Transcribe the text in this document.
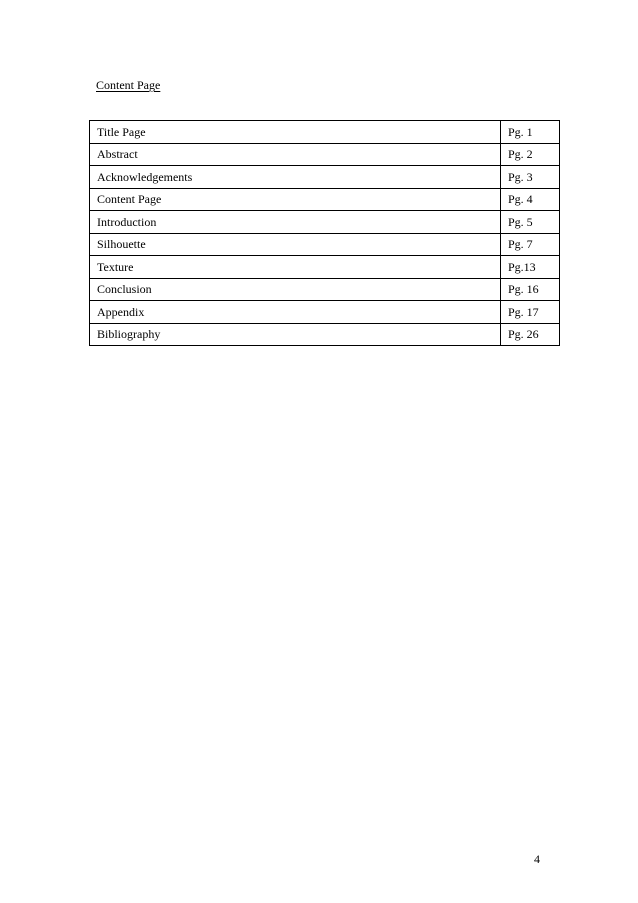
Content Page
Title Page	Pg. 1
Abstract	Pg. 2
Acknowledgements	Pg. 3
Content Page	Pg. 4
Introduction	Pg. 5
Silhouette	Pg. 7
Texture	Pg.13
Conclusion	Pg. 16
Appendix	Pg. 17
Bibliography	Pg. 26
4
